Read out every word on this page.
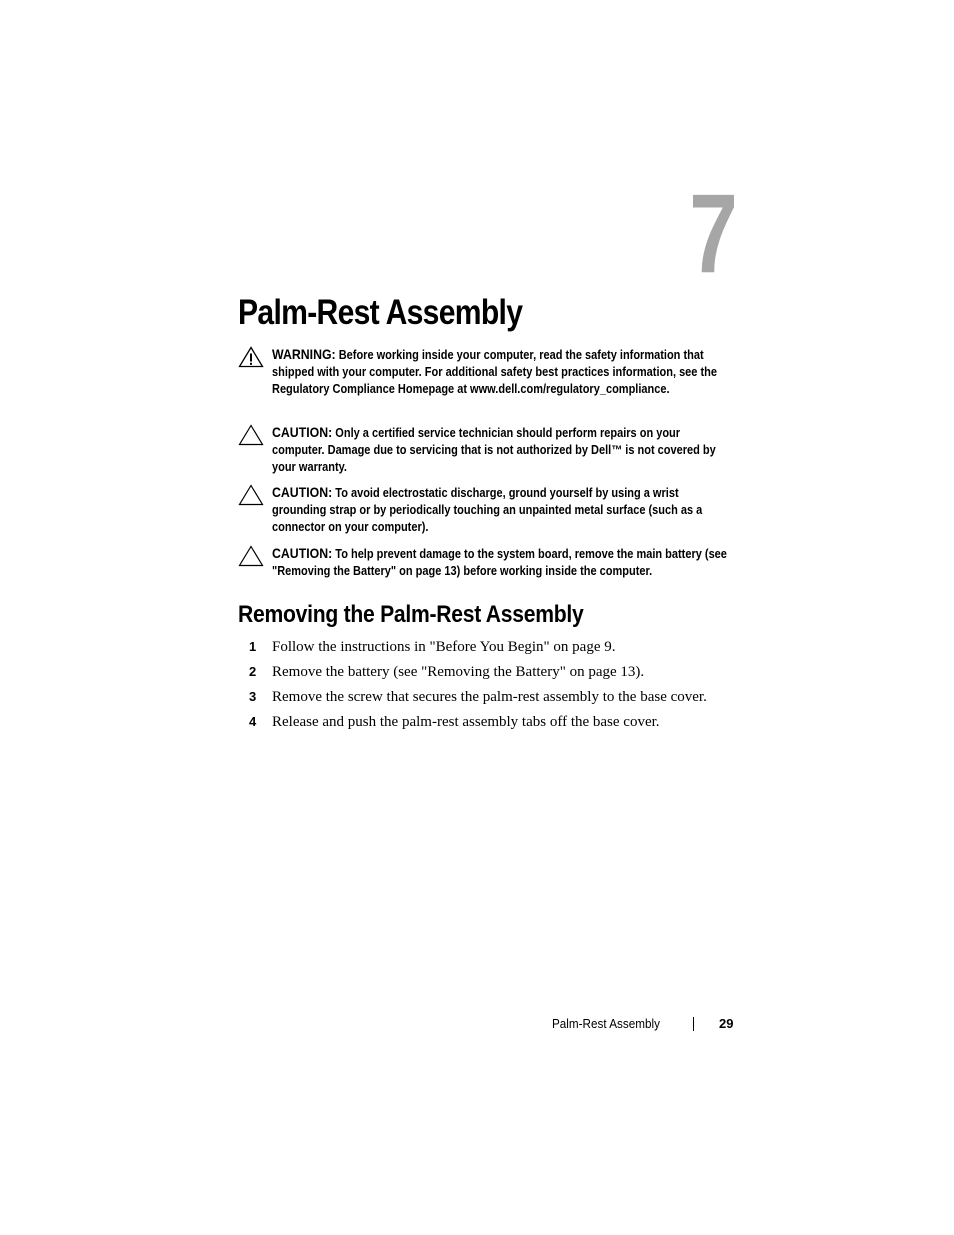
7
Palm-Rest Assembly
WARNING: Before working inside your computer, read the safety information that shipped with your computer. For additional safety best practices information, see the Regulatory Compliance Homepage at www.dell.com/regulatory_compliance.
CAUTION: Only a certified service technician should perform repairs on your computer. Damage due to servicing that is not authorized by Dell™ is not covered by your warranty.
CAUTION: To avoid electrostatic discharge, ground yourself by using a wrist grounding strap or by periodically touching an unpainted metal surface (such as a connector on your computer).
CAUTION: To help prevent damage to the system board, remove the main battery (see "Removing the Battery" on page 13) before working inside the computer.
Removing the Palm-Rest Assembly
1 Follow the instructions in "Before You Begin" on page 9.
2 Remove the battery (see "Removing the Battery" on page 13).
3 Remove the screw that secures the palm-rest assembly to the base cover.
4 Release and push the palm-rest assembly tabs off the base cover.
Palm-Rest Assembly	29
